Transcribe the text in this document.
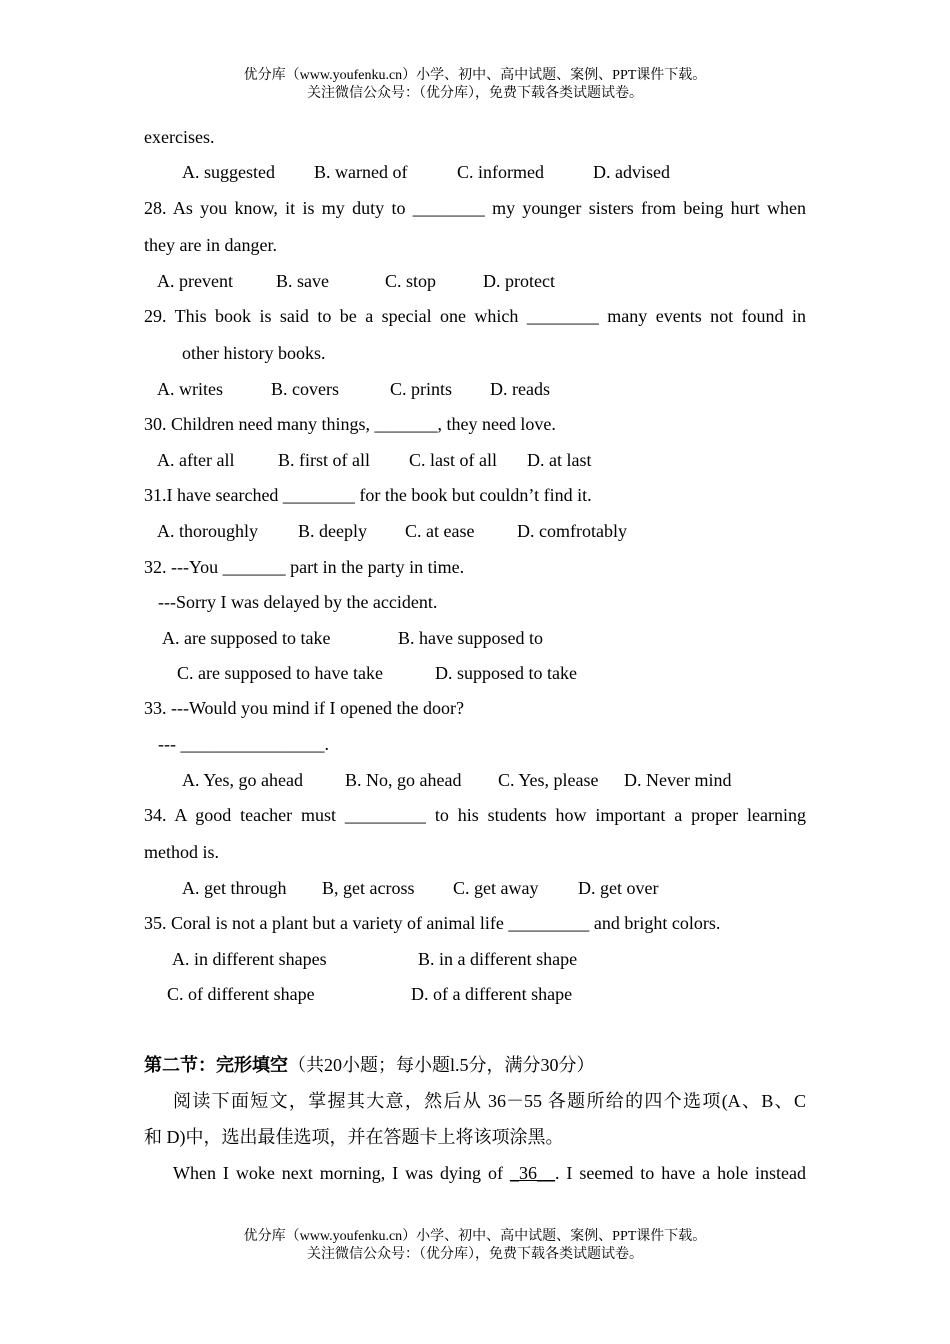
优分库（www.youfenku.cn）小学、初中、高中试题、案例、PPT课件下载。
关注微信公众号：（优分库），免费下载各类试题试卷。
exercises.
A. suggested B. warned of	C. informed	D. advised
28. As you know, it is my duty to ________ my younger sisters from being hurt when
they are in danger.
A. prevent B. save	C. stop	D. protect
29. This book is said to be a special one which ________ many events not found in
other history books.
A. writes	B. covers	C. prints D. reads
30. Children need many things, _______, they need love.
A. after all B. first of all C. last of all D. at last
31.I have searched ________ for the book but couldn’t find it.
A. thoroughly B. deeply C. at ease D. comfrotably
32. ---You _______ part in the party in time.
---Sorry I was delayed by the accident.
A. are supposed to take	B. have supposed to
C. are supposed to have take	D. supposed to take
33. ---Would you mind if I opened the door?
--- ________________.
A. Yes, go ahead B. No, go ahead C. Yes, please D. Never mind
34. A good teacher must _________ to his students how important a proper learning
method is.
A. get through B, get across C. get away D. get over
35. Coral is not a plant but a variety of animal life _________ and bright colors.
A. in different shapes	B. in a different shape
C. of different shape	D. of a different shape
第二节：完形填空（共20小题；每小题l.5分，满分30分）
阅读下面短文，掌握其大意，然后从 36－55 各题所给的四个选项(A、B、C
和 D)中，选出最佳选项，并在答题卡上将该项涂黑。
When I woke next morning, I was dying of _36__. I seemed to have a hole instead
优分库（www.youfenku.cn）小学、初中、高中试题、案例、PPT课件下载。
关注微信公众号：（优分库），免费下载各类试题试卷。
